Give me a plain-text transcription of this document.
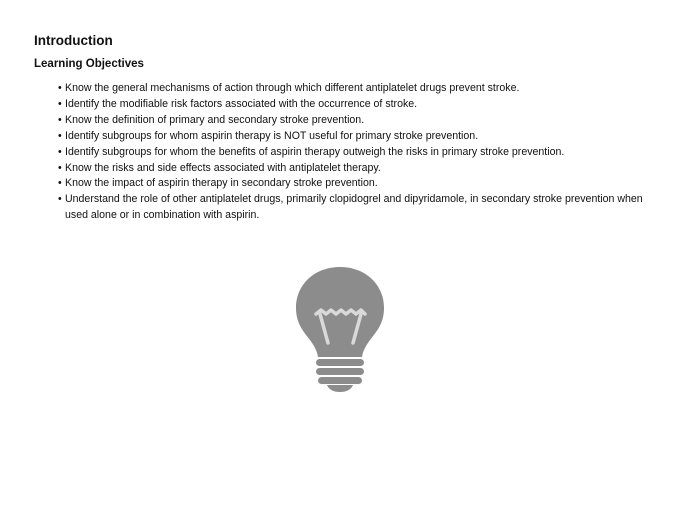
Introduction
Learning Objectives
• Know the general mechanisms of action through which different antiplatelet drugs prevent stroke.
• Identify the modifiable risk factors associated with the occurrence of stroke.
• Know the definition of primary and secondary stroke prevention.
• Identify subgroups for whom aspirin therapy is NOT useful for primary stroke prevention.
• Identify subgroups for whom the benefits of aspirin therapy outweigh the risks in primary stroke prevention.
• Know the risks and side effects associated with antiplatelet therapy.
• Know the impact of aspirin therapy in secondary stroke prevention.
• Understand the role of other antiplatelet drugs, primarily clopidogrel and dipyridamole, in secondary stroke prevention when used alone or in combination with aspirin.
